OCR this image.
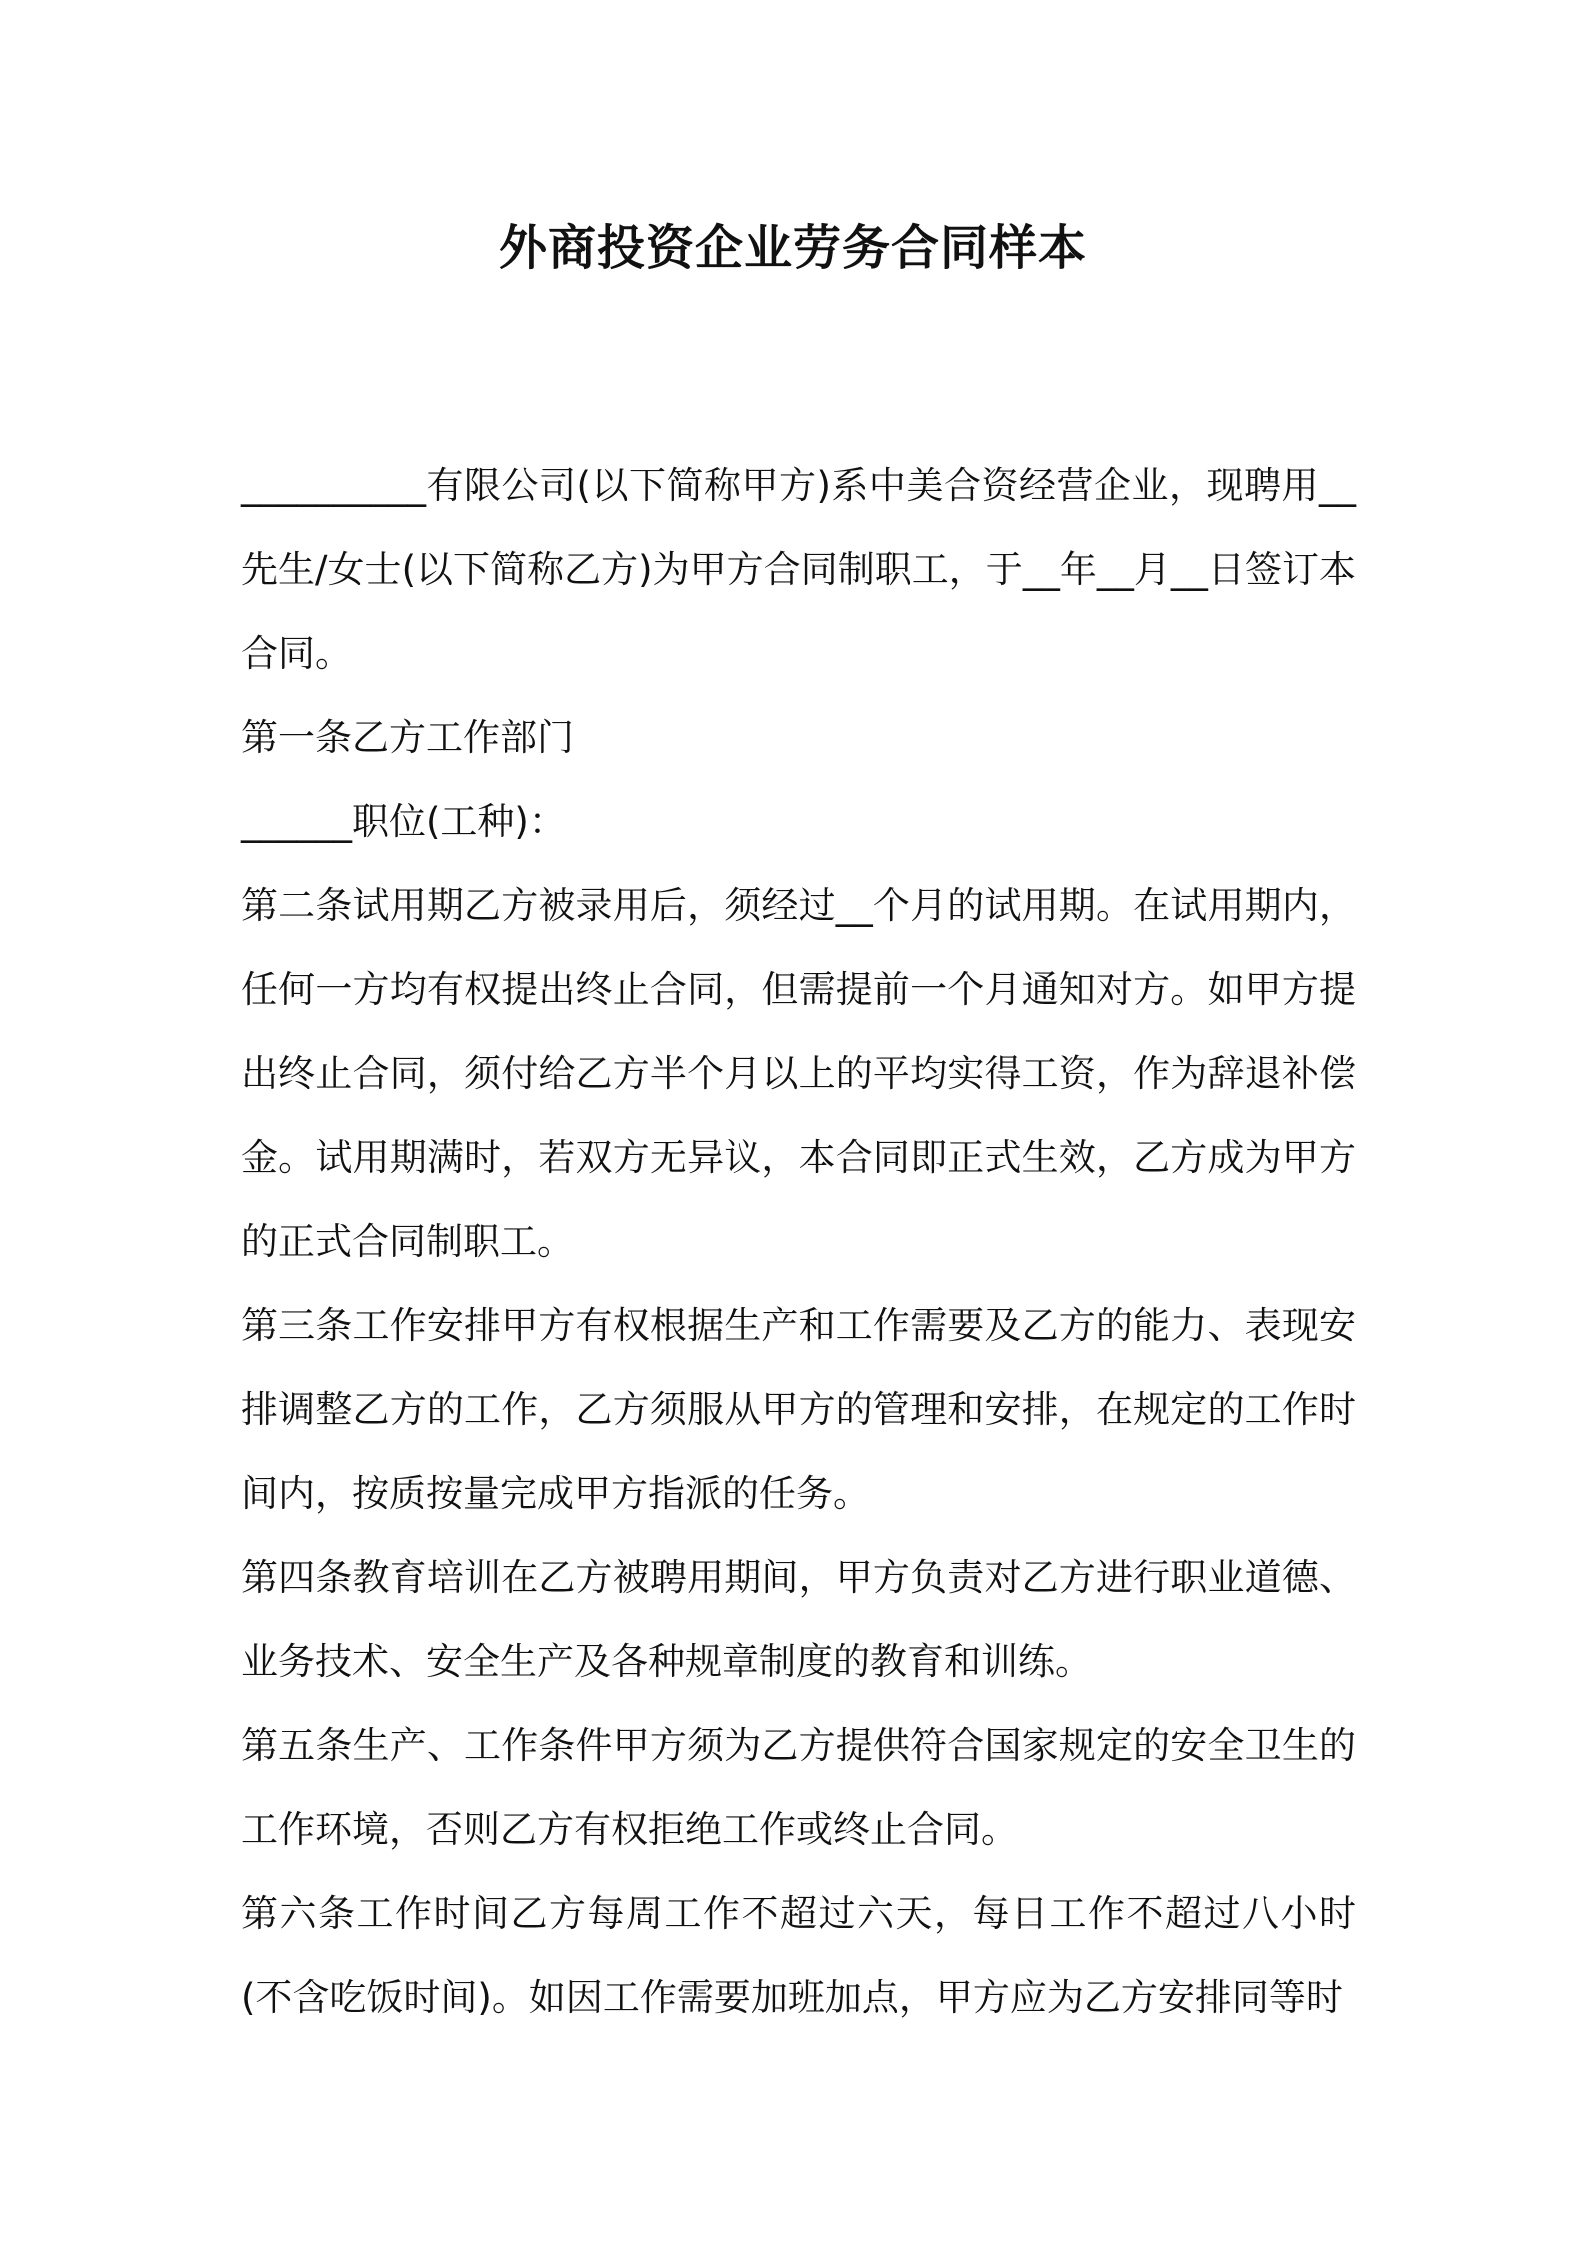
外商投资企业劳务合同样本

__________有限公司(以下简称甲方)系中美合资经营企业，现聘用__先生/女士(以下简称乙方)为甲方合同制职工，于__年__月__日签订本合同。

第一条乙方工作部门

______职位(工种)：

第二条试用期乙方被录用后，须经过__个月的试用期。在试用期内，任何一方均有权提出终止合同，但需提前一个月通知对方。如甲方提出终止合同，须付给乙方半个月以上的平均实得工资，作为辞退补偿金。试用期满时，若双方无异议，本合同即正式生效，乙方成为甲方的正式合同制职工。

第三条工作安排甲方有权根据生产和工作需要及乙方的能力、表现安排调整乙方的工作，乙方须服从甲方的管理和安排，在规定的工作时间内，按质按量完成甲方指派的任务。

第四条教育培训在乙方被聘用期间，甲方负责对乙方进行职业道德、业务技术、安全生产及各种规章制度的教育和训练。

第五条生产、工作条件甲方须为乙方提供符合国家规定的安全卫生的工作环境，否则乙方有权拒绝工作或终止合同。

第六条工作时间乙方每周工作不超过六天，每日工作不超过八小时(不含吃饭时间)。如因工作需要加班加点，甲方应为乙方安排同等时
